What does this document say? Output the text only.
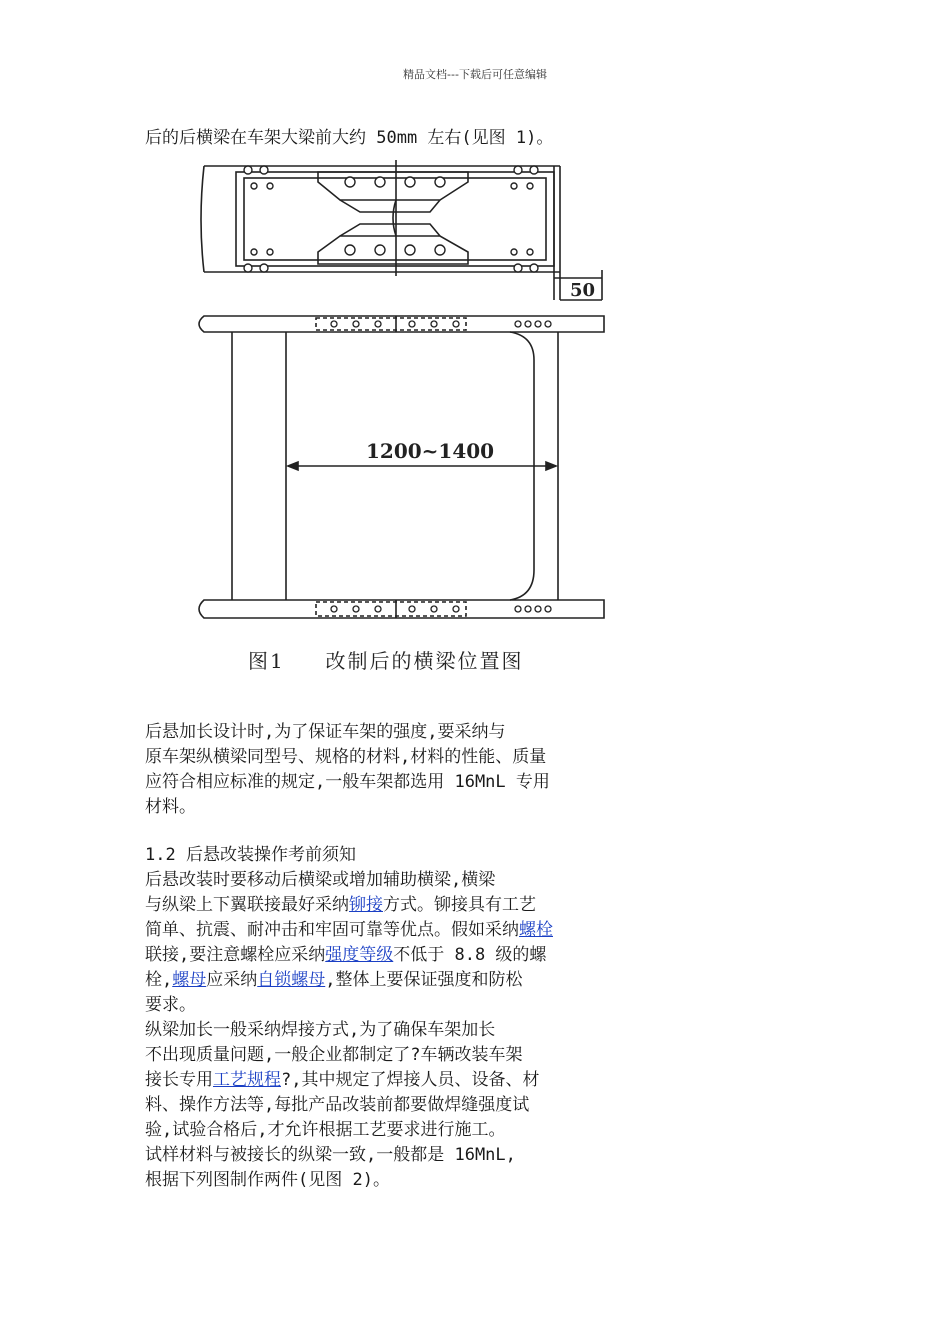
精品文档---下载后可任意编辑
后的后横梁在车架大梁前大约 50mm 左右(见图 1)。
50
1200~1400
图1 改制后的横梁位置图
后悬加长设计时,为了保证车架的强度,要采纳与
原车架纵横梁同型号、规格的材料,材料的性能、质量
应符合相应标准的规定,一般车架都选用 16MnL 专用
材料。
1.2 后悬改装操作考前须知
后悬改装时要移动后横梁或增加辅助横梁,横梁
与纵梁上下翼联接最好采纳铆接方式。铆接具有工艺
简单、抗震、耐冲击和牢固可靠等优点。假如采纳螺栓
联接,要注意螺栓应采纳强度等级不低于 8.8 级的螺
栓,螺母应采纳自锁螺母,整体上要保证强度和防松
要求。
纵梁加长一般采纳焊接方式,为了确保车架加长
不出现质量问题,一般企业都制定了?车辆改装车架
接长专用工艺规程?,其中规定了焊接人员、设备、材
料、操作方法等,每批产品改装前都要做焊缝强度试
验,试验合格后,才允许根据工艺要求进行施工。
试样材料与被接长的纵梁一致,一般都是 16MnL,
根据下列图制作两件(见图 2)。
